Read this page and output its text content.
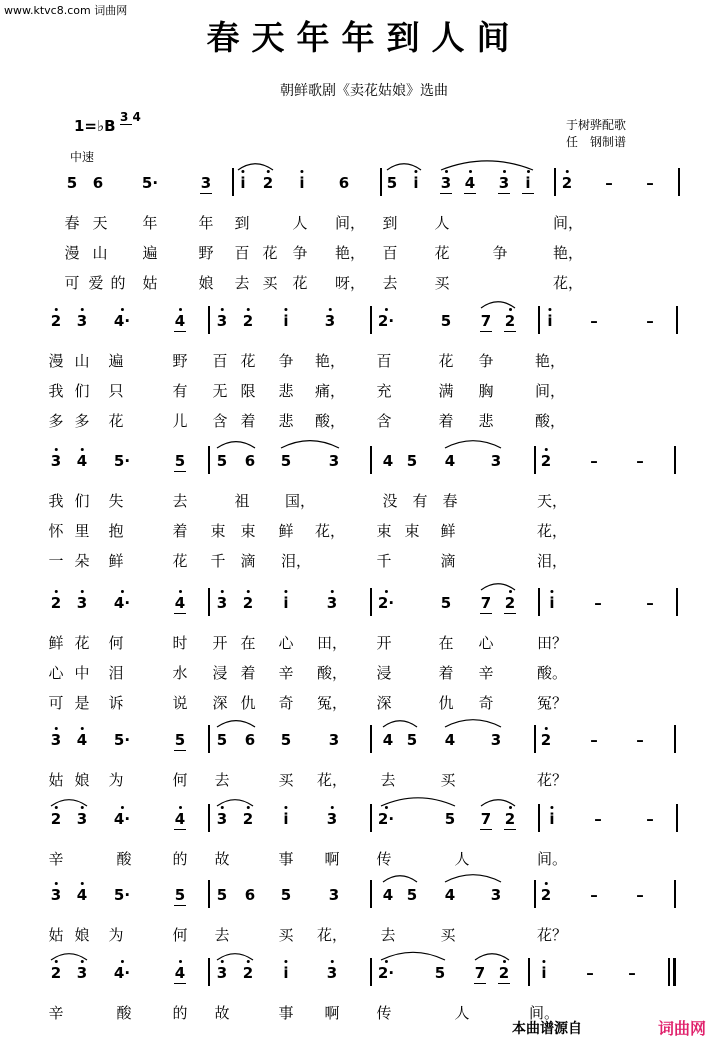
www.ktvc8.com 词曲网
春天年年到人间
朝鲜歌剧《卖花姑娘》选曲
1=♭B 3 4
中速
于树骅配歌
任　钢制谱
5 6	5·	3 i 2 i 6	5 i 3 4 3 i 2 – –
春 天 年	年 到	人 间， 到 人	间，
漫 山 遍	野 百 花 争 艳， 百 花	争	艳，
可 爱 的 姑	娘 去 买 花 呀， 去 买	花，
2 3 4·	4 3 2 i 3	2·	5 7 2 i	–	–
漫 山 遍	野 百 花 争 艳， 百	花 争	艳，
我 们 只	有 无 限 悲 痛， 充	满 胸	间，
多 多 花	儿 含 着 悲 酸， 含	着 悲	酸，
3 4 5·	5 5 6 5	3	4 5 4 3	2	–	–
我 们 失	去	祖 国，	没 有 春	天，
怀 里 抱	着 束 束 鲜 花， 束 束 鲜	花，
一 朵 鲜	花 千 滴 泪，	千	滴	泪，
2 3 4·	4 3 2 i	3	2·	5 7 2 i	–	–
鲜 花 何	时 开 在 心 田， 开	在 心	田？
心 中 泪	水 浸 着 辛 酸， 浸	着 辛	酸。
可 是 诉	说 深 仇 奇 冤， 深	仇 奇	冤？
3 4 5·	5 5 6 5	3	4 5 4 3	2	–	–
姑 娘 为	何 去	买 花， 去	买	花？
2 3 4·	4 3 2 i	3	2·	5 7 2 i	–	–
辛	酸	的 故	事 啊 传	人	间。
3 4 5·	5 5 6 5	3	4 5 4 3	2	–	–
姑 娘 为	何 去	买 花， 去	买	花？
2 3 4·	4 3 2 i	3	2·	5 7 2 i	– –
辛	酸	的 故	事 啊 传	人	间。
本曲谱源自	词曲网
